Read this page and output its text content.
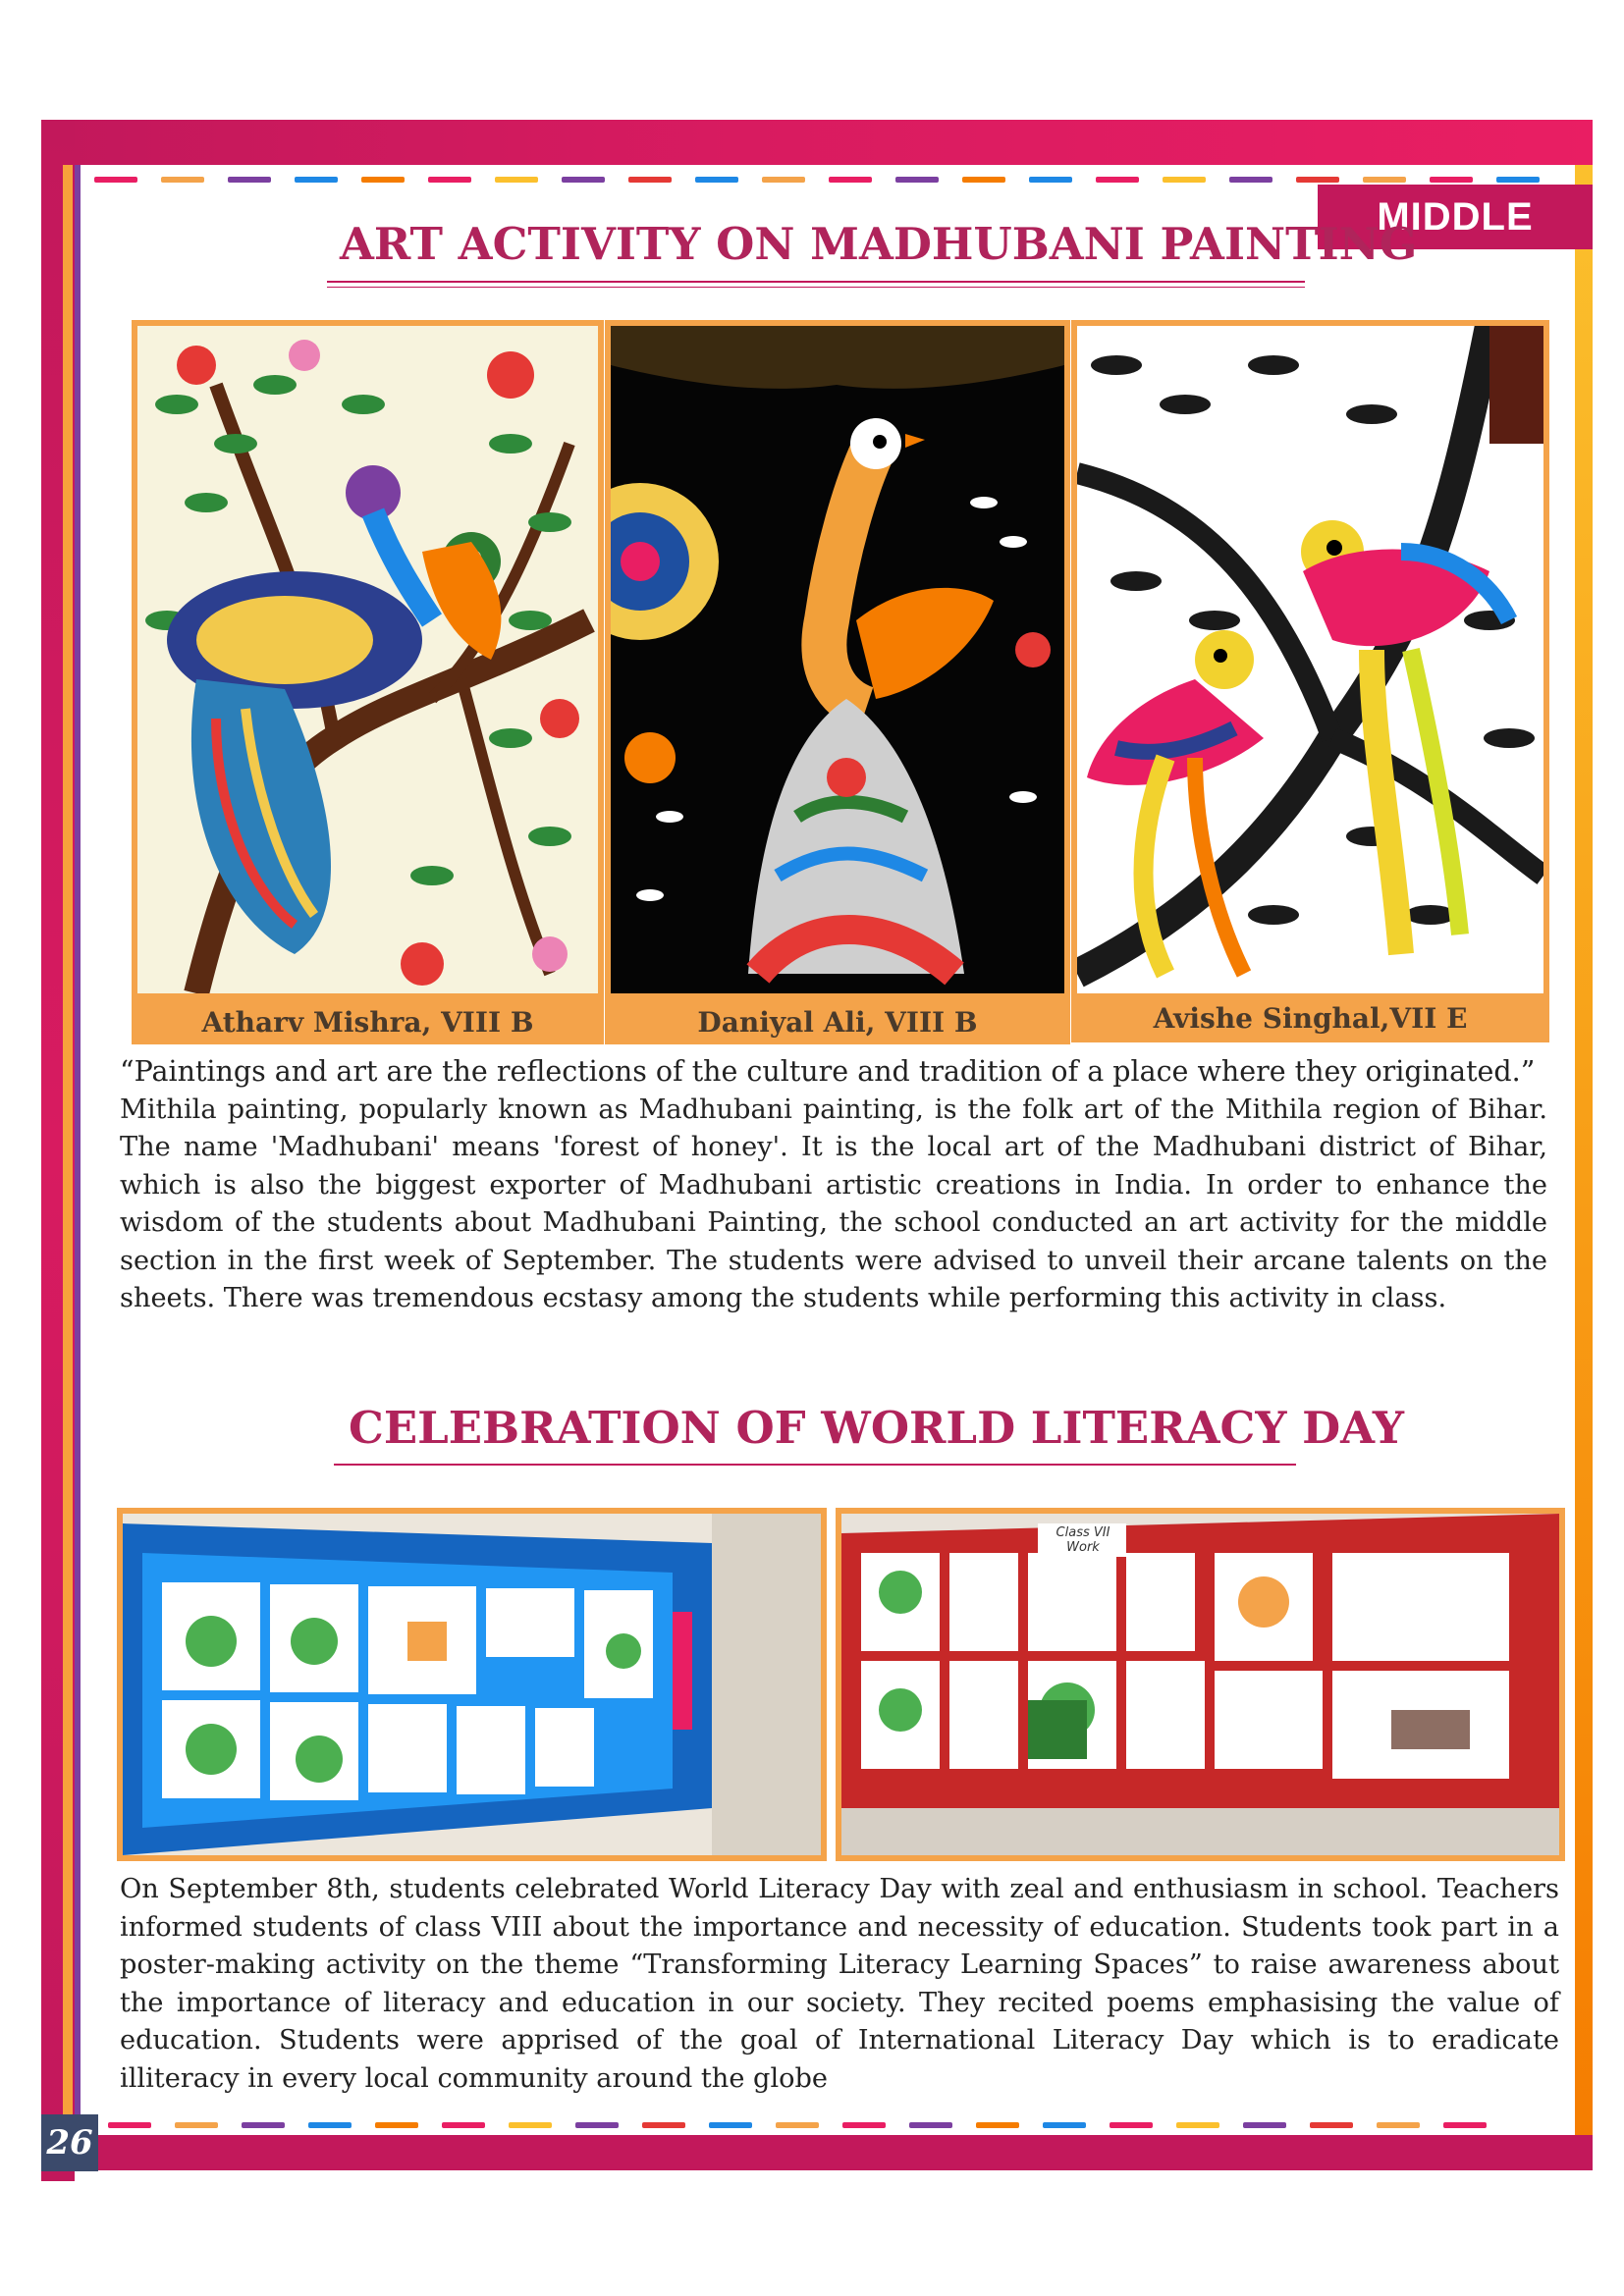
MIDDLE
26
ART ACTIVITY ON MADHUBANI PAINTING
Atharv Mishra, VIII B	Daniyal Ali, VIII B	Avishe Singhal,VII E

“Paintings and art are the reflections of the culture and tradition of a place where they originated.”

Mithila painting, popularly known as Madhubani painting, is the folk art of the Mithila region of Bihar. The name 'Madhubani' means 'forest of honey'. It is the local art of the Madhubani district of Bihar, which is also the biggest exporter of Madhubani artistic creations in India. In order to enhance the wisdom of the students about Madhubani Painting, the school conducted an art activity for the middle section in the first week of September. The students were advised to unveil their arcane talents on the sheets. There was tremendous ecstasy among the students while performing this activity in class.

CELEBRATION OF WORLD LITERACY DAY
Class VII Work

On September 8th, students celebrated World Literacy Day with zeal and enthusiasm in school. Teachers informed students of class VIII about the importance and necessity of education. Students took part in a poster-making activity on the theme “Transforming Literacy Learning Spaces” to raise awareness about the importance of literacy and education in our society. They recited poems emphasising the value of education. Students were apprised of the goal of International Literacy Day which is to eradicate illiteracy in every local community around the globe
